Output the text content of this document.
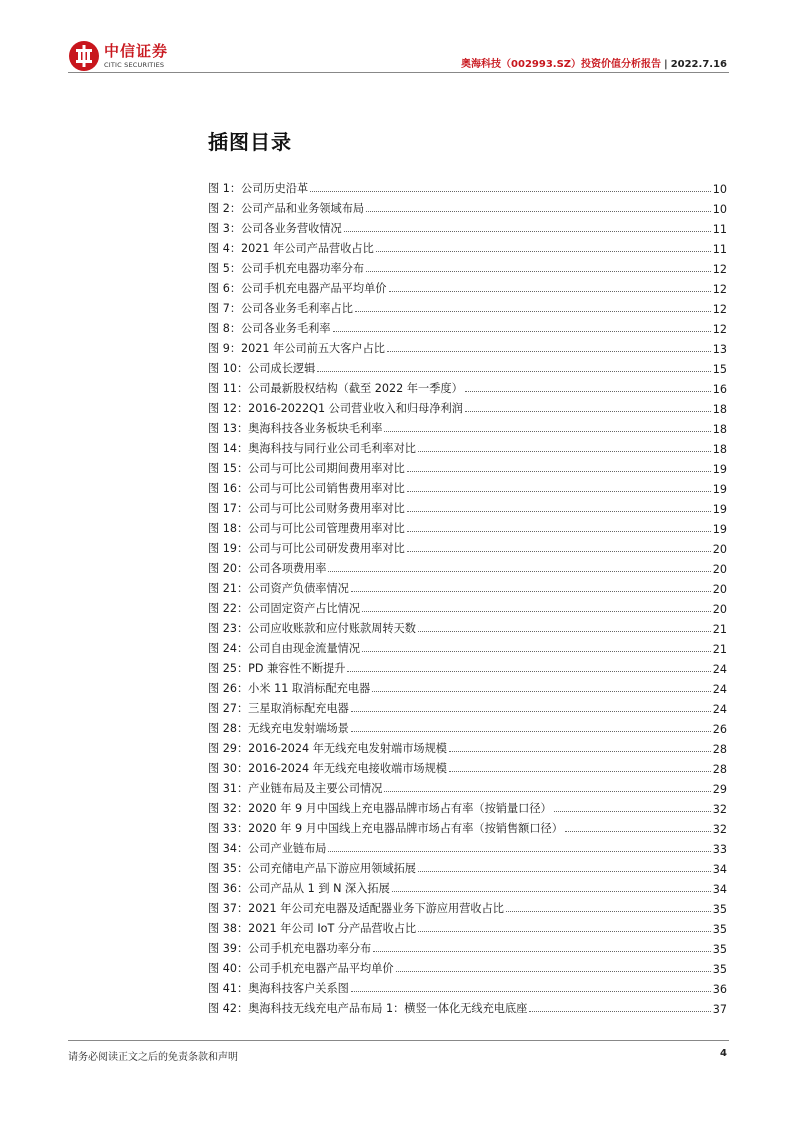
中信证券
CITIC SECURITIES	奥海科技（002993.SZ）投资价值分析报告 | 2022.7.16
插图目录
图 1：公司历史沿革	10
图 2：公司产品和业务领域布局	10
图 3：公司各业务营收情况	11
图 4：2021 年公司产品营收占比	11
图 5：公司手机充电器功率分布	12
图 6：公司手机充电器产品平均单价	12
图 7：公司各业务毛利率占比	12
图 8：公司各业务毛利率	12
图 9：2021 年公司前五大客户占比	13
图 10：公司成长逻辑	15
图 11：公司最新股权结构（截至 2022 年一季度）	16
图 12：2016-2022Q1 公司营业收入和归母净利润	18
图 13：奥海科技各业务板块毛利率	18
图 14：奥海科技与同行业公司毛利率对比	18
图 15：公司与可比公司期间费用率对比	19
图 16：公司与可比公司销售费用率对比	19
图 17：公司与可比公司财务费用率对比	19
图 18：公司与可比公司管理费用率对比	19
图 19：公司与可比公司研发费用率对比	20
图 20：公司各项费用率	20
图 21：公司资产负债率情况	20
图 22：公司固定资产占比情况	20
图 23：公司应收账款和应付账款周转天数	21
图 24：公司自由现金流量情况	21
图 25：PD 兼容性不断提升	24
图 26：小米 11 取消标配充电器	24
图 27：三星取消标配充电器	24
图 28：无线充电发射端场景	26
图 29：2016-2024 年无线充电发射端市场规模	28
图 30：2016-2024 年无线充电接收端市场规模	28
图 31：产业链布局及主要公司情况	29
图 32：2020 年 9 月中国线上充电器品牌市场占有率（按销量口径）	32
图 33：2020 年 9 月中国线上充电器品牌市场占有率（按销售额口径）	32
图 34：公司产业链布局	33
图 35：公司充储电产品下游应用领域拓展	34
图 36：公司产品从 1 到 N 深入拓展	34
图 37：2021 年公司充电器及适配器业务下游应用营收占比	35
图 38：2021 年公司 IoT 分产品营收占比	35
图 39：公司手机充电器功率分布	35
图 40：公司手机充电器产品平均单价	35
图 41：奥海科技客户关系图	36
图 42：奥海科技无线充电产品布局 1：横竖一体化无线充电底座	37
请务必阅读正文之后的免责条款和声明	4
